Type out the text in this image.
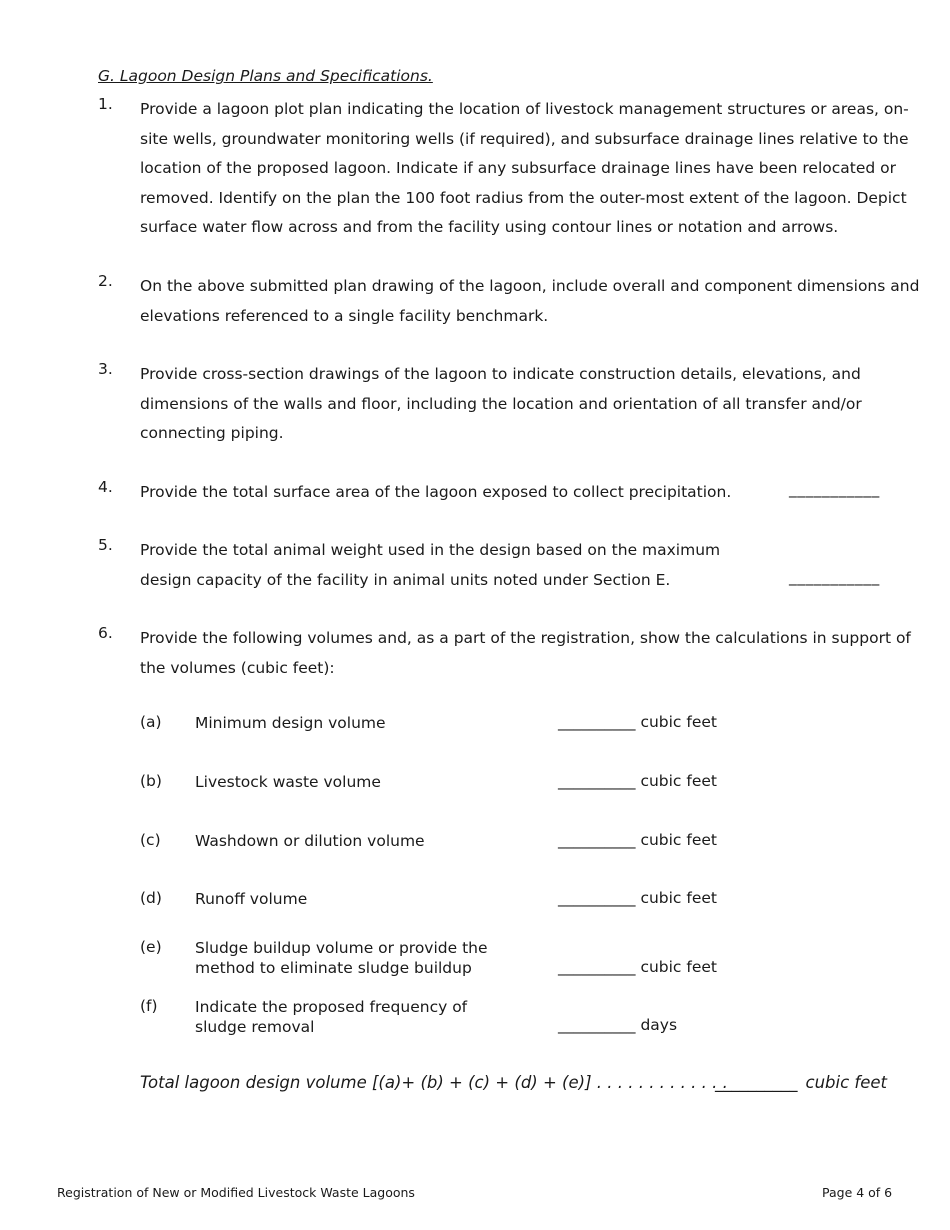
G. Lagoon Design Plans and Specifications.
1. Provide a lagoon plot plan indicating the location of livestock management structures or areas, on-
site wells, groundwater monitoring wells (if required), and subsurface drainage lines relative to the
location of the proposed lagoon. Indicate if any subsurface drainage lines have been relocated or
removed. Identify on the plan the 100 foot radius from the outer-most extent of the lagoon. Depict
surface water flow across and from the facility using contour lines or notation and arrows.
2. On the above submitted plan drawing of the lagoon, include overall and component dimensions and
elevations referenced to a single facility benchmark.
3. Provide cross-section drawings of the lagoon to indicate construction details, elevations, and
dimensions of the walls and floor, including the location and orientation of all transfer and/or
connecting piping.
4. Provide the total surface area of the lagoon exposed to collect precipitation.	___________
5. Provide the total animal weight used in the design based on the maximum
design capacity of the facility in animal units noted under Section E.	___________
6. Provide the following volumes and, as a part of the registration, show the calculations in support of
the volumes (cubic feet):
(a) Minimum design volume	__________ cubic feet
(b) Livestock waste volume	__________ cubic feet
(c) Washdown or dilution volume	__________ cubic feet
(d) Runoff volume	__________ cubic feet
(e) Sludge buildup volume or provide the
method to eliminate sludge buildup	__________ cubic feet
(f) Indicate the proposed frequency of
sludge removal	__________ days
Total lagoon design volume [(a)+ (b) + (c) + (d) + (e)] . . . . . . . . . . . . .
__________ cubic feet
Registration of New or Modified Livestock Waste Lagoons	Page 4 of 6
